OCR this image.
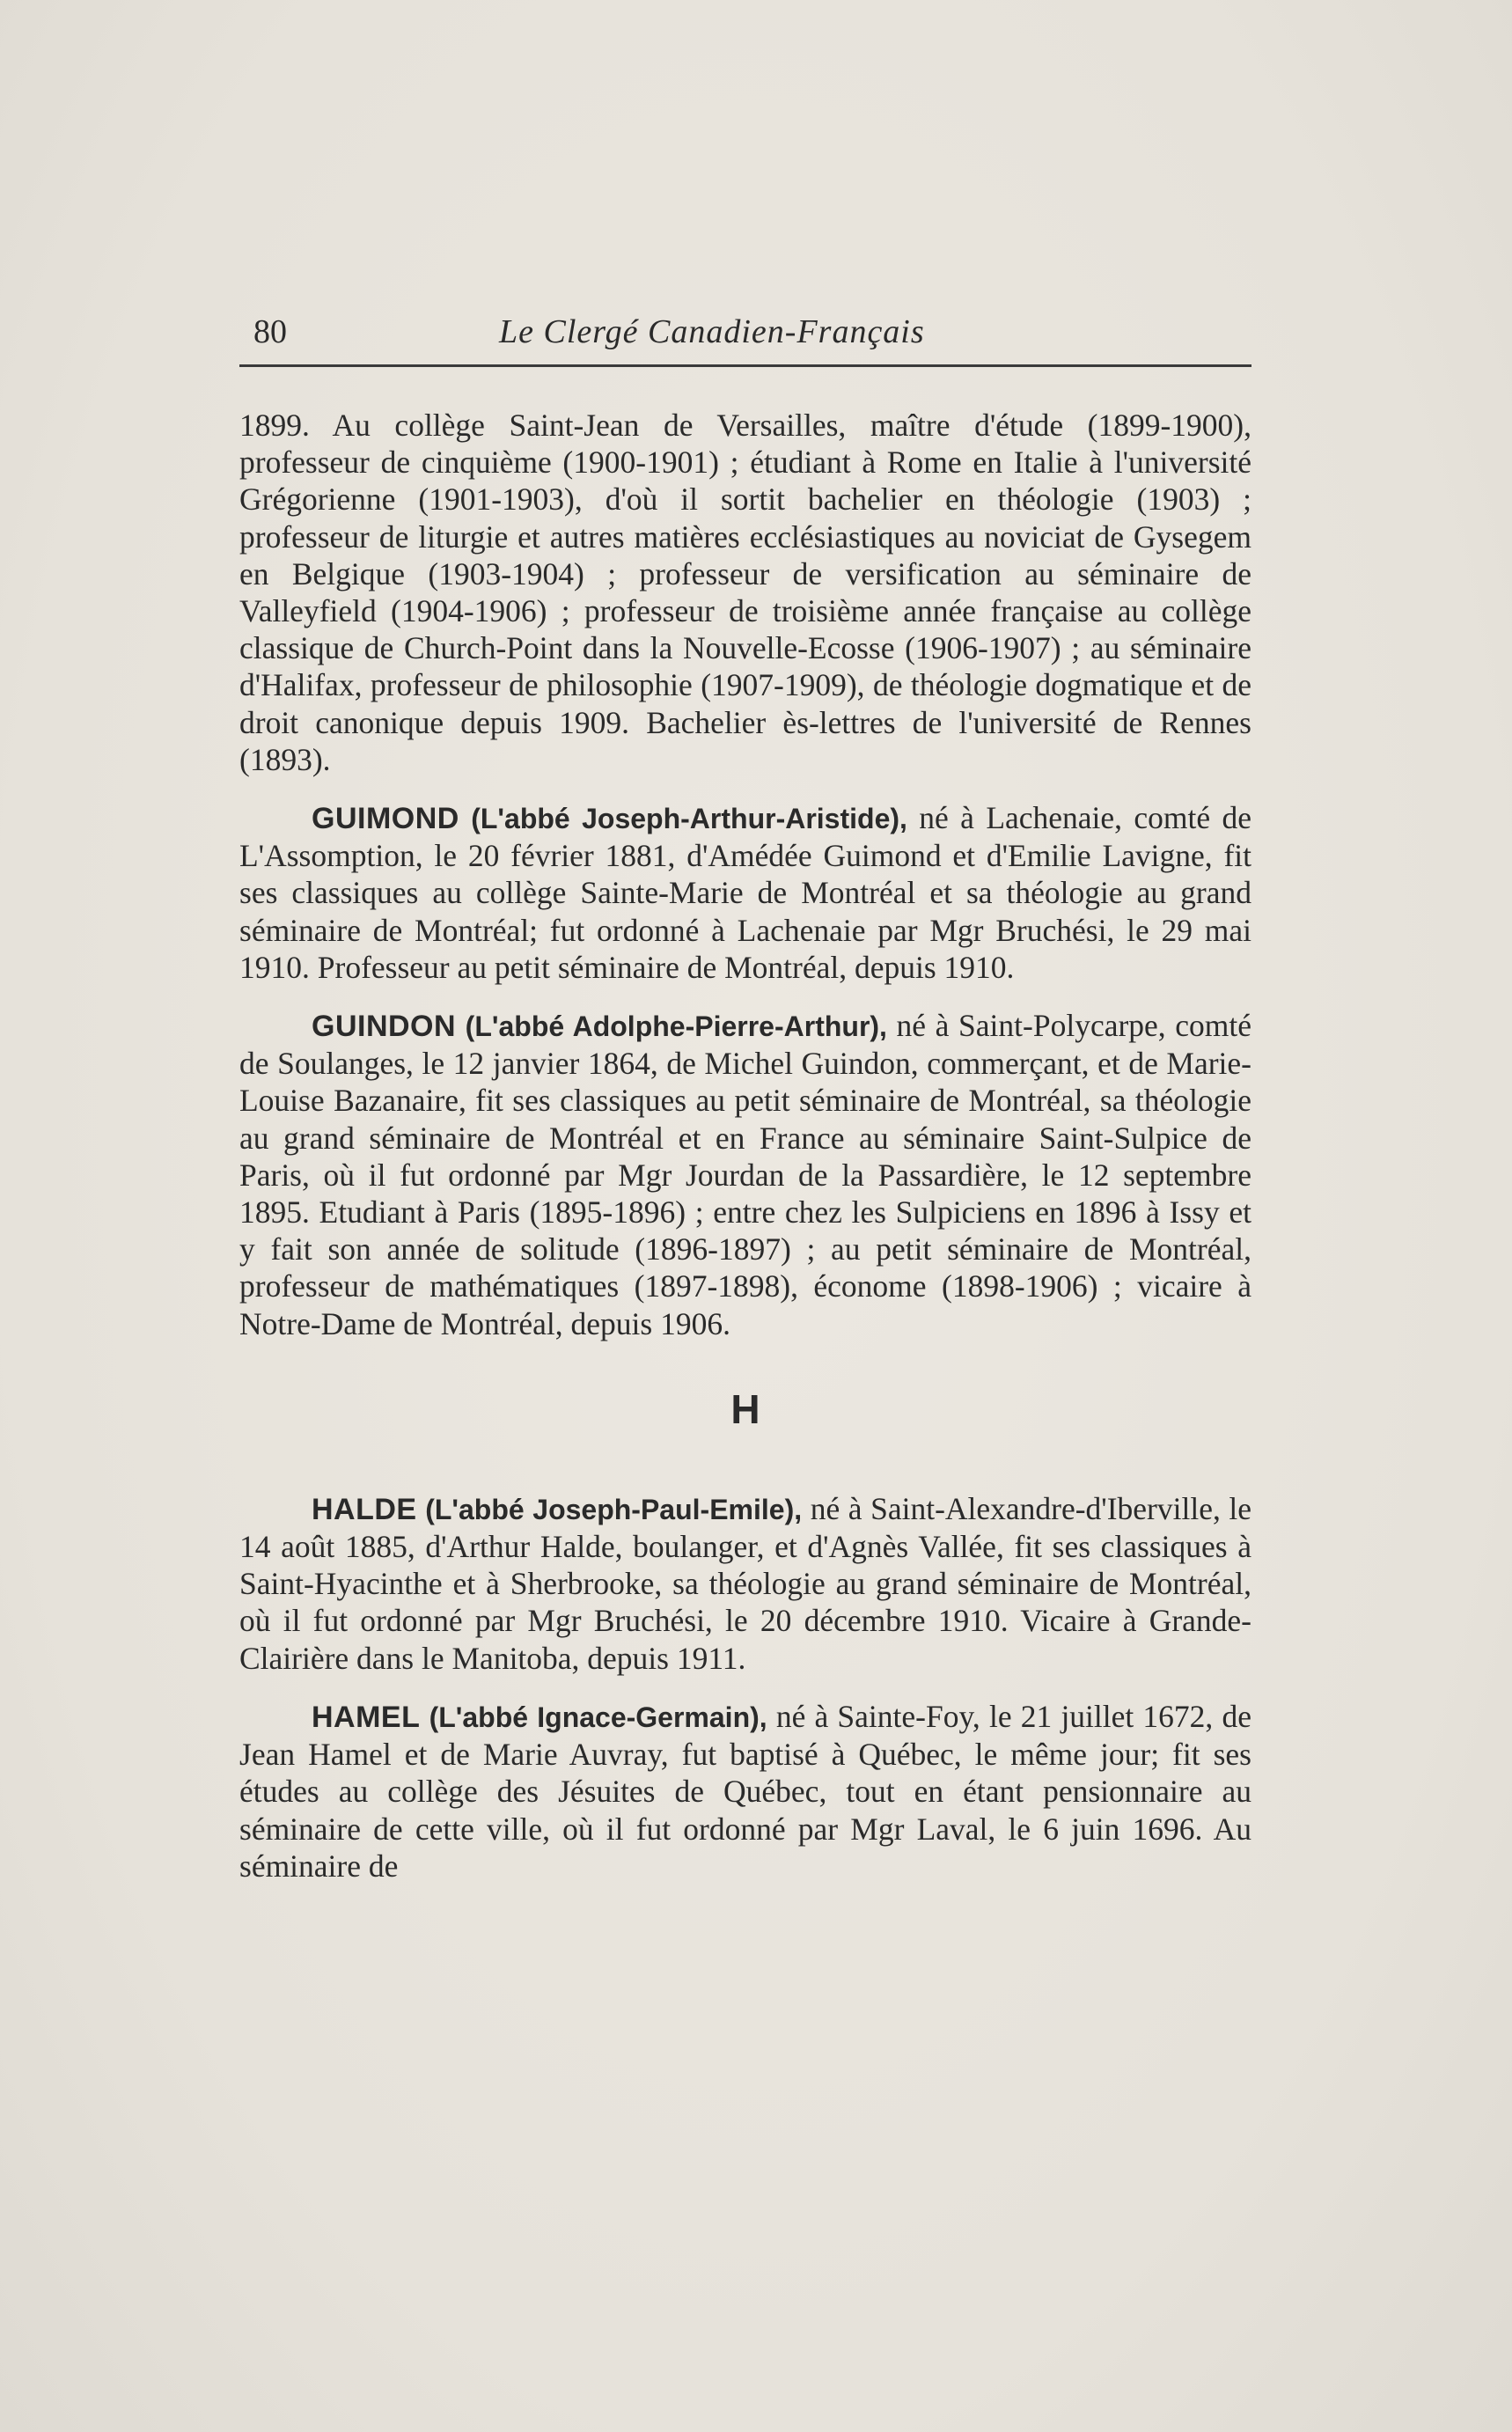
80	Le Clergé Canadien-Français

1899. Au collège Saint-Jean de Versailles, maître d'étude (1899-1900), professeur de cinquième (1900-1901) ; étudiant à Rome en Italie à l'université Grégorienne (1901-1903), d'où il sortit bachelier en théologie (1903) ; professeur de liturgie et autres matières ecclésiastiques au noviciat de Gysegem en Belgique (1903-1904) ; professeur de versification au séminaire de Valleyfield (1904-1906) ; professeur de troisième année française au collège classique de Church-Point dans la Nouvelle-Ecosse (1906-1907) ; au séminaire d'Halifax, professeur de philosophie (1907-1909), de théologie dogmatique et de droit canonique depuis 1909. Bachelier ès-lettres de l'université de Rennes (1893).

GUIMOND (L'abbé Joseph-Arthur-Aristide), né à Lachenaie, comté de L'Assomption, le 20 février 1881, d'Amédée Guimond et d'Emilie Lavigne, fit ses classiques au collège Sainte-Marie de Montréal et sa théologie au grand séminaire de Montréal; fut ordonné à Lachenaie par Mgr Bruchési, le 29 mai 1910. Professeur au petit séminaire de Montréal, depuis 1910.

GUINDON (L'abbé Adolphe-Pierre-Arthur), né à Saint-Polycarpe, comté de Soulanges, le 12 janvier 1864, de Michel Guindon, commerçant, et de Marie-Louise Bazanaire, fit ses classiques au petit séminaire de Montréal, sa théologie au grand séminaire de Montréal et en France au séminaire Saint-Sulpice de Paris, où il fut ordonné par Mgr Jourdan de la Passardière, le 12 septembre 1895. Etudiant à Paris (1895-1896) ; entre chez les Sulpiciens en 1896 à Issy et y fait son année de solitude (1896-1897) ; au petit séminaire de Montréal, professeur de mathématiques (1897-1898), économe (1898-1906) ; vicaire à Notre-Dame de Montréal, depuis 1906.

H

HALDE (L'abbé Joseph-Paul-Emile), né à Saint-Alexandre-d'Iberville, le 14 août 1885, d'Arthur Halde, boulanger, et d'Agnès Vallée, fit ses classiques à Saint-Hyacinthe et à Sherbrooke, sa théologie au grand séminaire de Montréal, où il fut ordonné par Mgr Bruchési, le 20 décembre 1910. Vicaire à Grande-Clairière dans le Manitoba, depuis 1911.

HAMEL (L'abbé Ignace-Germain), né à Sainte-Foy, le 21 juillet 1672, de Jean Hamel et de Marie Auvray, fut baptisé à Québec, le même jour; fit ses études au collège des Jésuites de Québec, tout en étant pensionnaire au séminaire de cette ville, où il fut ordonné par Mgr Laval, le 6 juin 1696. Au séminaire de
